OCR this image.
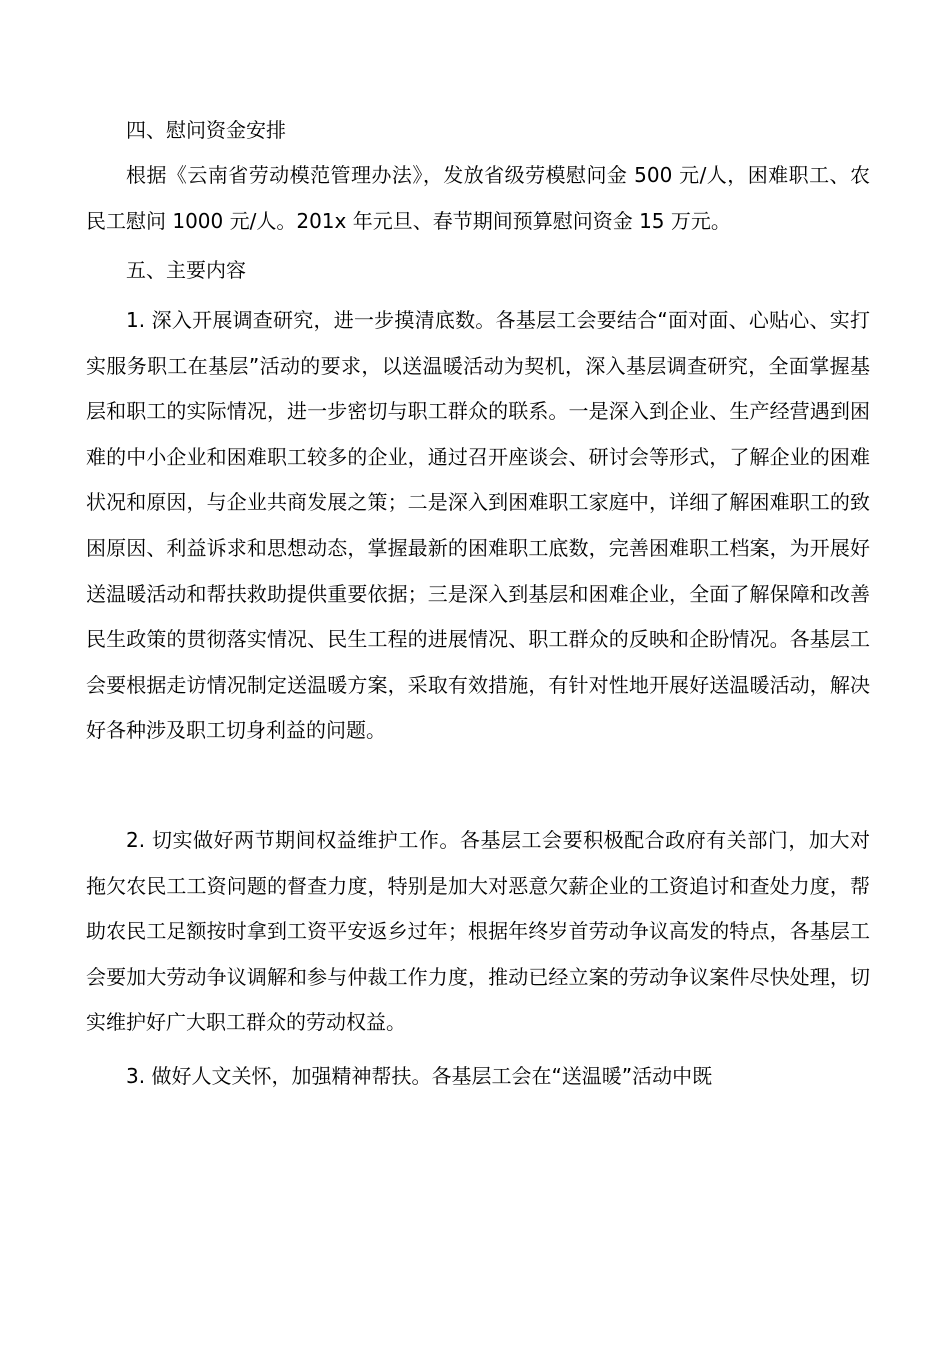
四、慰问资金安排

根据《云南省劳动模范管理办法》，发放省级劳模慰问金 500 元/人，困难职工、农民工慰问 1000 元/人。201x 年元旦、春节期间预算慰问资金 15 万元。

五、主要内容

1. 深入开展调查研究，进一步摸清底数。各基层工会要结合“面对面、心贴心、实打实服务职工在基层”活动的要求，以送温暖活动为契机，深入基层调查研究，全面掌握基层和职工的实际情况，进一步密切与职工群众的联系。一是深入到企业、生产经营遇到困难的中小企业和困难职工较多的企业，通过召开座谈会、研讨会等形式，了解企业的困难状况和原因，与企业共商发展之策；二是深入到困难职工家庭中，详细了解困难职工的致困原因、利益诉求和思想动态，掌握最新的困难职工底数，完善困难职工档案，为开展好送温暖活动和帮扶救助提供重要依据；三是深入到基层和困难企业，全面了解保障和改善民生政策的贯彻落实情况、民生工程的进展情况、职工群众的反映和企盼情况。各基层工会要根据走访情况制定送温暖方案，采取有效措施，有针对性地开展好送温暖活动，解决好各种涉及职工切身利益的问题。

2. 切实做好两节期间权益维护工作。各基层工会要积极配合政府有关部门，加大对拖欠农民工工资问题的督查力度，特别是加大对恶意欠薪企业的工资追讨和查处力度，帮助农民工足额按时拿到工资平安返乡过年；根据年终岁首劳动争议高发的特点，各基层工会要加大劳动争议调解和参与仲裁工作力度，推动已经立案的劳动争议案件尽快处理，切实维护好广大职工群众的劳动权益。

3. 做好人文关怀，加强精神帮扶。各基层工会在“送温暖”活动中既
